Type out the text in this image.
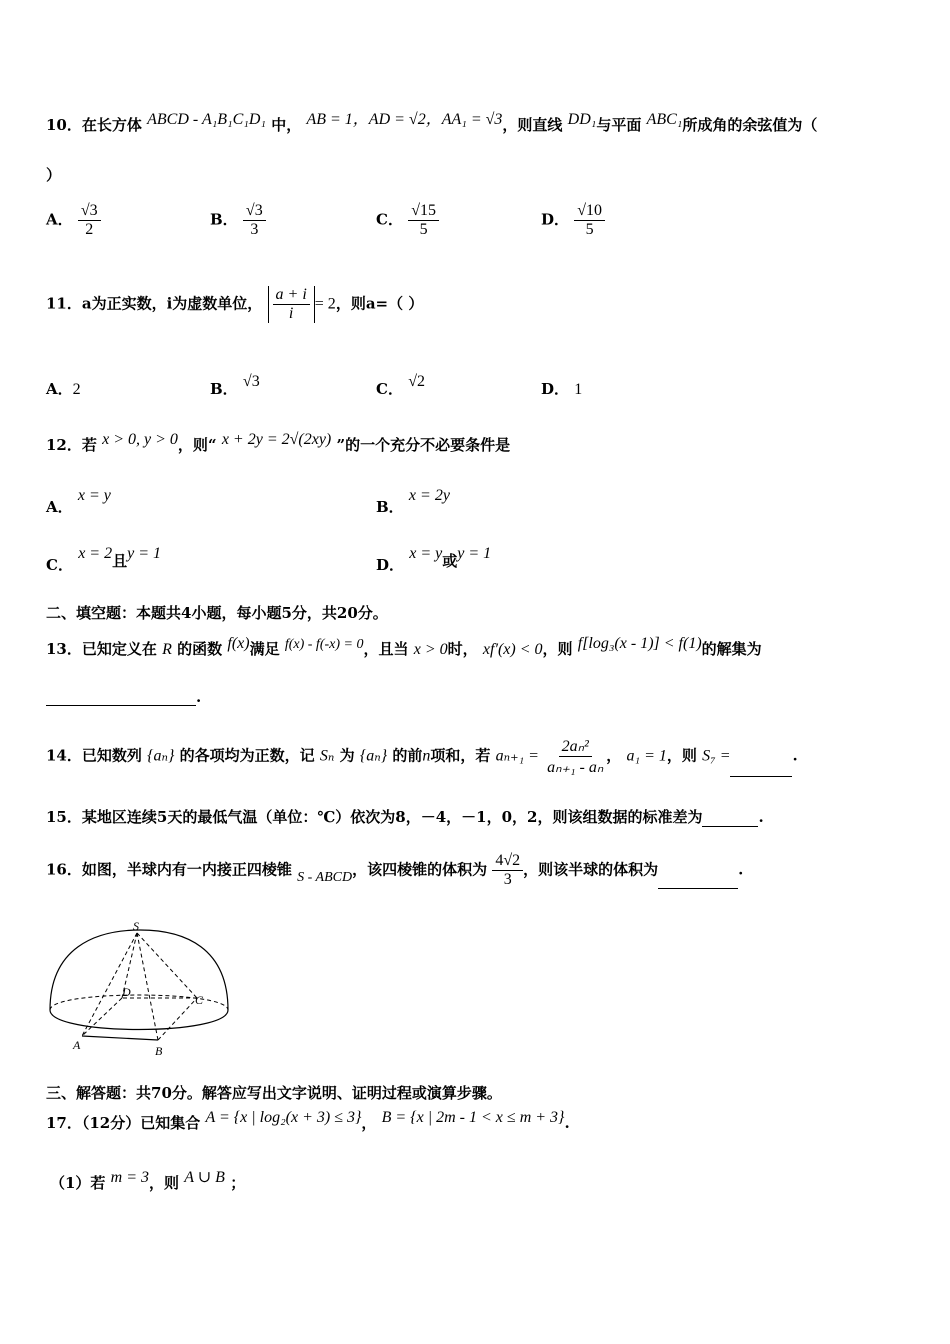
10．在长方体 ABCD - A₁B₁C₁D₁ 中， AB = 1，AD = √2，AA₁ = √3，则直线 DD₁与平面 ABC₁所成角的余弦值为（
）
A． $\frac{√3}{2}$	B． $\frac{√3}{3}$	C． $\frac{√15}{5}$	D． $\frac{√10}{5}$
11．a为正实数，i为虚数单位， $\frac{a + i}{i} = 2$，则a=（ ）
A．2	B． √3	C． √2	D． 1
12．若 x > 0, y > 0，则“ x + 2y = 2√(2xy) ”的一个充分不必要条件是
A． x = y
B． x = 2y
C． x = 2且y = 1
D． x = y或y = 1
二、填空题：本题共4小题，每小题5分，共20分。
13．已知定义在 R 的函数 f(x)满足 f(x) - f(-x) = 0，且当 x > 0时， xf′(x) < 0，则 f[log₃(x - 1)] < f(1)的解集为
.
14．已知数列 {aₙ} 的各项均为正数，记 Sₙ 为 {aₙ} 的前n项和，若 $a_{n+1} = \frac{\text{2aₙ²}}{\text{aₙ₊₁ - aₙ}}$ ， a₁ = 1，则 S₇ =	.
15．某地区连续5天的最低气温（单位：℃）依次为8，－4，－1，0，2，则该组数据的标准差为	.
16．如图，半球内有一内接正四棱锥 S - ABCD，该四棱锥的体积为 $\frac{4√2}{3}$ ，则该半球的体积为	.
S
A	B
C
D
三、解答题：共70分。解答应写出文字说明、证明过程或演算步骤。
17．（12分）已知集合 A = {x | log₂(x + 3) ≤ 3}， B = {x | 2m - 1 < x ≤ m + 3}.
（1）若 m = 3，则 A ∪ B ；
